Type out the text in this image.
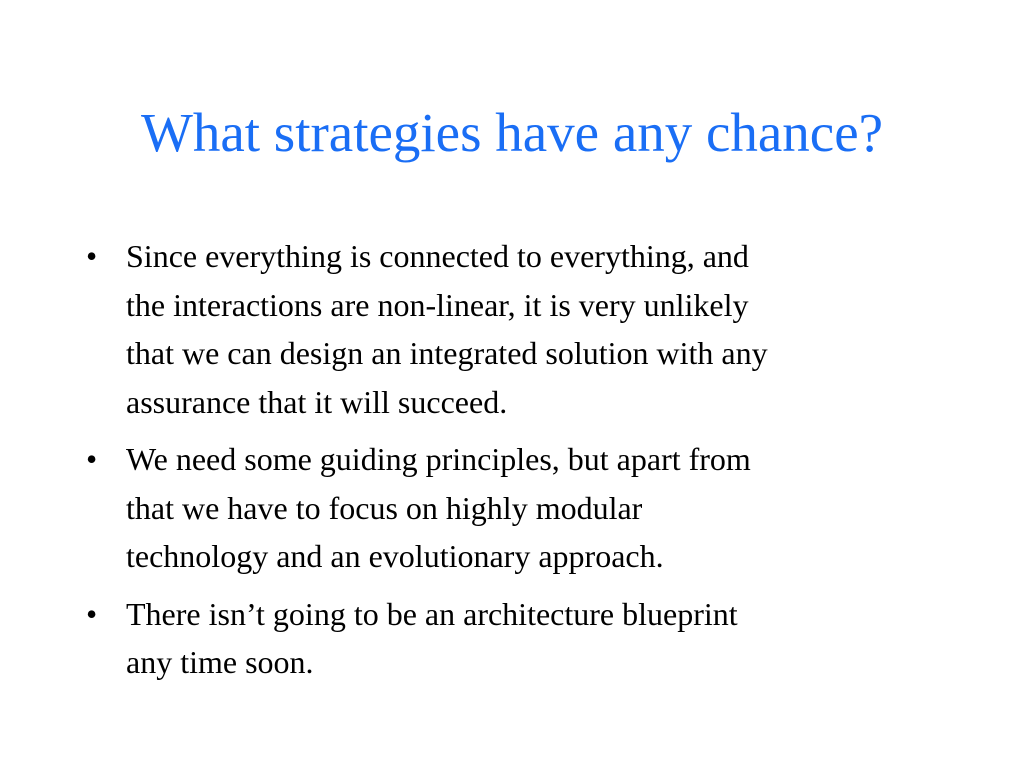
What strategies have any chance?
• Since everything is connected to everything, and
the interactions are non-linear, it is very unlikely
that we can design an integrated solution with any
assurance that it will succeed.
• We need some guiding principles, but apart from
that we have to focus on highly modular
technology and an evolutionary approach.
• There isn’t going to be an architecture blueprint
any time soon.
